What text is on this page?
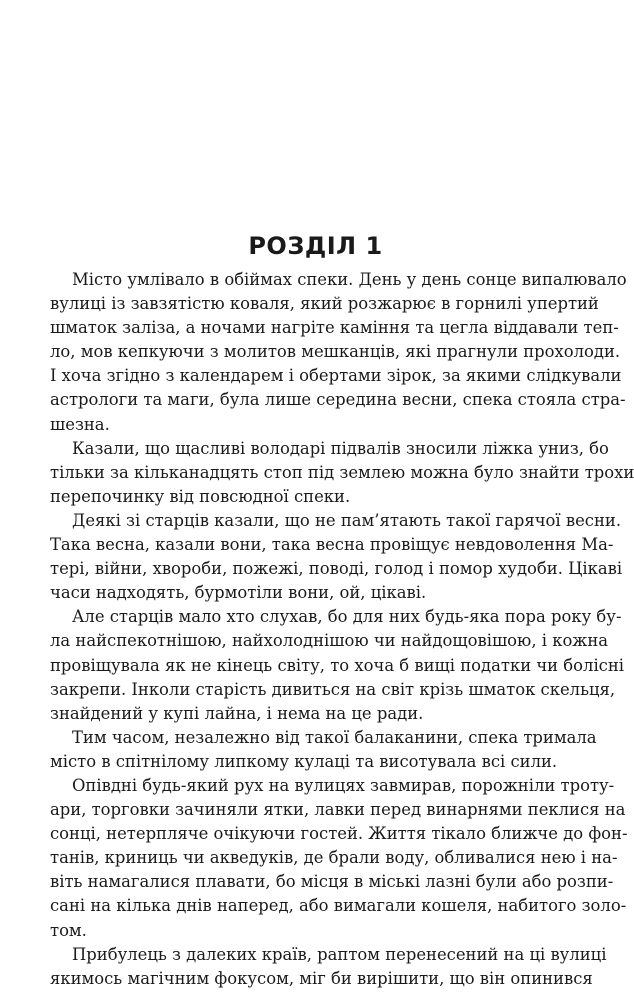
РОЗДІЛ 1
Місто умлівало в обіймах спеки. День у день сонце випалювало
вулиці із завзятістю коваля, який розжарює в горнилі упертий
шматок заліза, а ночами нагріте каміння та цегла віддавали теп-
ло, мов кепкуючи з молитов мешканців, які прагнули прохолоди.
І хоча згідно з календарем і обертами зірок, за якими слідкували
астрологи та маги, була лише середина весни, спека стояла стра-
шезна.
Казали, що щасливі володарі підвалів зносили ліжка униз, бо
тільки за кільканадцять стоп під землею можна було знайти трохи
перепочинку від повсюдної спеки.
Деякі зі старців казали, що не пам’ятають такої гарячої весни.
Така весна, казали вони, така весна провіщує невдоволення Ма-
тері, війни, хвороби, пожежі, поводі, голод і помор худоби. Цікаві
часи надходять, бурмотіли вони, ой, цікаві.
Але старців мало хто слухав, бо для них будь-яка пора року бу-
ла найспекотнішою, найхолоднішою чи найдощовішою, і кожна
провіщувала як не кінець світу, то хоча б вищі податки чи болісні
закрепи. Інколи старість дивиться на світ крізь шматок скельця,
знайдений у купі лайна, і нема на це ради.
Тим часом, незалежно від такої балаканини, спека тримала
місто в спітнілому липкому кулаці та висотувала всі сили.
Опівдні будь-який рух на вулицях завмирав, порожніли троту-
ари, торговки зачиняли ятки, лавки перед винарнями пеклися на
сонці, нетерпляче очікуючи гостей. Життя тікало ближче до фон-
танів, криниць чи акведуків, де брали воду, обливалися нею і на-
віть намагалися плавати, бо місця в міські лазні були або розпи-
сані на кілька днів наперед, або вимагали кошеля, набитого золо-
том.
Прибулець з далеких країв, раптом перенесений на ці вулиці
якимось магічним фокусом, міг би вирішити, що він опинився
